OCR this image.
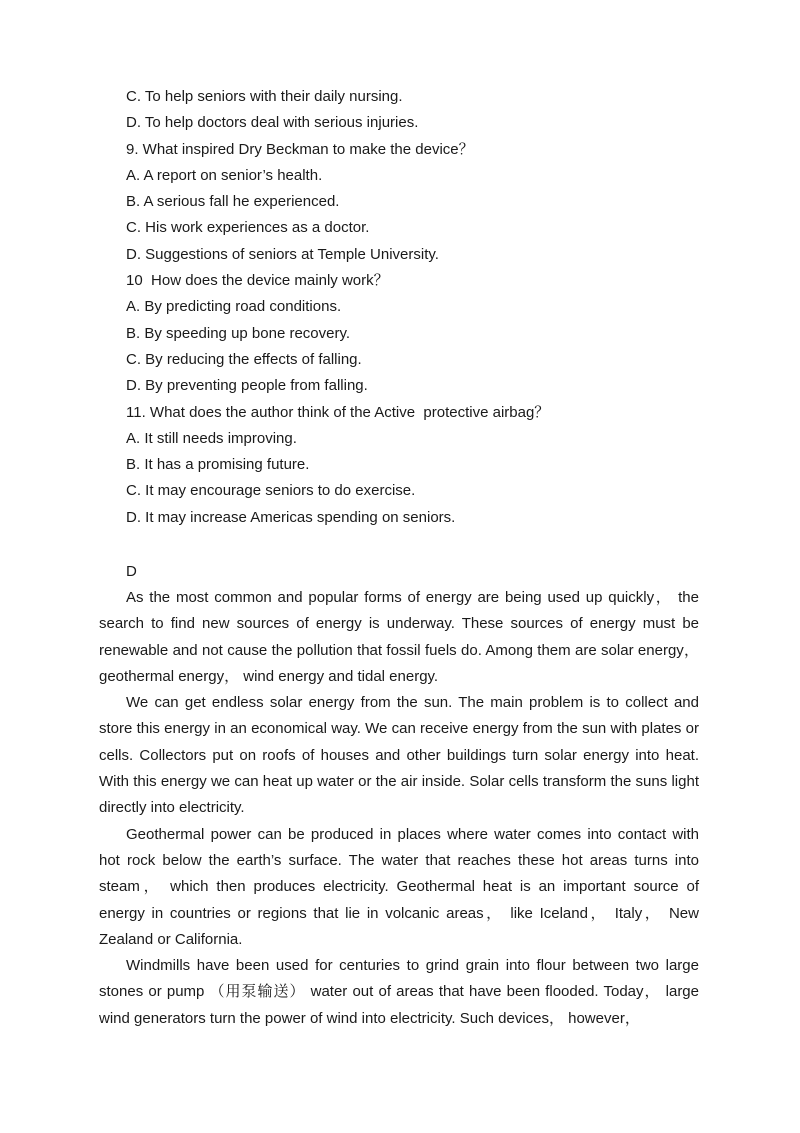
C. To help seniors with their daily nursing.
D. To help doctors deal with serious injuries.
9. What inspired Dry Beckman to make the device？
A. A report on senior’s health.
B. A serious fall he experienced.
C. His work experiences as a doctor.
D. Suggestions of seniors at Temple University.
10  How does the device mainly work？
A. By predicting road conditions.
B. By speeding up bone recovery.
C. By reducing the effects of falling.
D. By preventing people from falling.
11. What does the author think of the Active  protective airbag？
A. It still needs improving.
B. It has a promising future.
C. It may encourage seniors to do exercise.
D. It may increase Americas spending on seniors.
D

As the most common and popular forms of energy are being used up quickly， the search to find new sources of energy is underway. These sources of energy must be renewable and not cause the pollution that fossil fuels do. Among them are solar energy， geothermal energy， wind energy and tidal energy.

We can get endless solar energy from the sun. The main problem is to collect and store this energy in an economical way. We can receive energy from the sun with plates or cells. Collectors put on roofs of houses and other buildings turn solar energy into heat. With this energy we can heat up water or the air inside. Solar cells transform the suns light directly into electricity.

Geothermal power can be produced in places where water comes into contact with hot rock below the earth’s surface. The water that reaches these hot areas turns into steam， which then produces electricity. Geothermal heat is an important source of energy in countries or regions that lie in volcanic areas， like Iceland， Italy， New Zealand or California.

Windmills have been used for centuries to grind grain into flour between two large stones or pump （用泵输送） water out of areas that have been flooded. Today， large wind generators turn the power of wind into electricity. Such devices， however，
